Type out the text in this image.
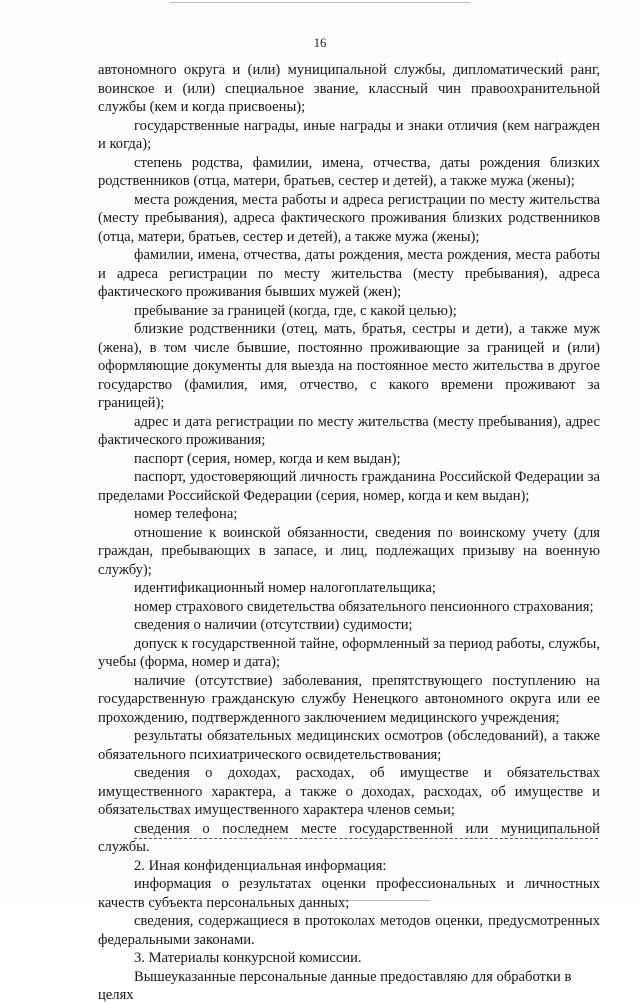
16

автономного округа и (или) муниципальной службы, дипломатический ранг, воинское и (или) специальное звание, классный чин правоохранительной службы (кем и когда присвоены);

государственные награды, иные награды и знаки отличия (кем награжден и когда);

степень родства, фамилии, имена, отчества, даты рождения близких родственников (отца, матери, братьев, сестер и детей), а также мужа (жены);

места рождения, места работы и адреса регистрации по месту жительства (месту пребывания), адреса фактического проживания близких родственников (отца, матери, братьев, сестер и детей), а также мужа (жены);

фамилии, имена, отчества, даты рождения, места рождения, места работы и адреса регистрации по месту жительства (месту пребывания), адреса фактического проживания бывших мужей (жен);

пребывание за границей (когда, где, с какой целью);

близкие родственники (отец, мать, братья, сестры и дети), а также муж (жена), в том числе бывшие, постоянно проживающие за границей и (или) оформляющие документы для выезда на постоянное место жительства в другое государство (фамилия, имя, отчество, с какого времени проживают за границей);

адрес и дата регистрации по месту жительства (месту пребывания), адрес фактического проживания;

паспорт (серия, номер, когда и кем выдан);

паспорт, удостоверяющий личность гражданина Российской Федерации за пределами Российской Федерации (серия, номер, когда и кем выдан);

номер телефона;

отношение к воинской обязанности, сведения по воинскому учету (для граждан, пребывающих в запасе, и лиц, подлежащих призыву на военную службу);

идентификационный номер налогоплательщика;

номер страхового свидетельства обязательного пенсионного страхования;

сведения о наличии (отсутствии) судимости;

допуск к государственной тайне, оформленный за период работы, службы, учебы (форма, номер и дата);

наличие (отсутствие) заболевания, препятствующего поступлению на государственную гражданскую службу Ненецкого автономного округа или ее прохождению, подтвержденного заключением медицинского учреждения;

результаты обязательных медицинских осмотров (обследований), а также обязательного психиатрического освидетельствования;

сведения о доходах, расходах, об имуществе и обязательствах имущественного характера, а также о доходах, расходах, об имуществе и обязательствах имущественного характера членов семьи;

сведения о последнем месте государственной или муниципальной службы.

2. Иная конфиденциальная информация:

информация о результатах оценки профессиональных и личностных качеств субъекта персональных данных;

сведения, содержащиеся в протоколах методов оценки, предусмотренных федеральными законами.

3. Материалы конкурсной комиссии.

Вышеуказанные персональные данные предоставляю для обработки в

целях
